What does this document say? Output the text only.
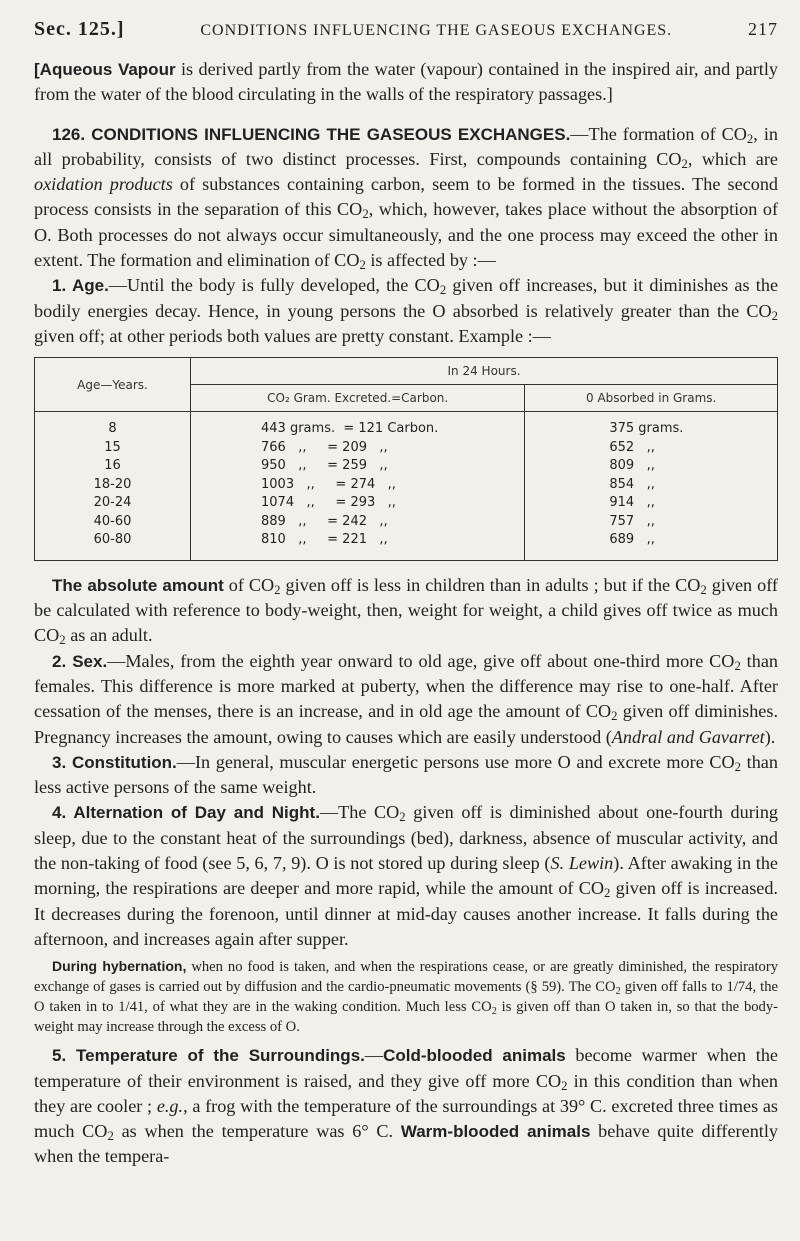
Sec. 125.]	CONDITIONS INFLUENCING THE GASEOUS EXCHANGES.	217

[Aqueous Vapour is derived partly from the water (vapour) contained in the inspired air, and partly from the water of the blood circulating in the walls of the respiratory passages.]

126. CONDITIONS INFLUENCING THE GASEOUS EXCHANGES.—The formation of $CO_2$, in all probability, consists of two distinct processes. First, compounds containing $CO_2$, which are oxidation products of substances containing carbon, seem to be formed in the tissues. The second process consists in the separation of this $CO_2$, which, however, takes place without the absorption of O. Both processes do not always occur simultaneously, and the one process may exceed the other in extent. The formation and elimination of $CO_2$ is affected by :—

1. Age.—Until the body is fully developed, the $CO_2$ given off increases, but it diminishes as the bodily energies decay. Hence, in young persons the O absorbed is relatively greater than the $CO_2$ given off; at other periods both values are pretty constant. Example :—

Age—Years.	In 24 Hours.	
	CO₂ Gram. Excreted.=Carbon.	0 Absorbed in Grams.
8	443 grams.  = 121 Carbon.	375 grams.
15	766   ,,     = 209   ,,	652   ,,
16	950   ,,     = 259   ,,	809   ,,
18-20	1003   ,,     = 274   ,,	854   ,,
20-24	1074   ,,     = 293   ,,	914   ,,
40-60	889   ,,     = 242   ,,	757   ,,
60-80	810   ,,     = 221   ,,	689   ,,

The absolute amount of $CO_2$ given off is less in children than in adults ; but if the $CO_2$ given off be calculated with reference to body-weight, then, weight for weight, a child gives off twice as much $CO_2$ as an adult.

2. Sex.—Males, from the eighth year onward to old age, give off about one-third more $CO_2$ than females. This difference is more marked at puberty, when the difference may rise to one-half. After cessation of the menses, there is an increase, and in old age the amount of $CO_2$ given off diminishes. Pregnancy increases the amount, owing to causes which are easily understood (Andral and Gavarret).

3. Constitution.—In general, muscular energetic persons use more O and excrete more $CO_2$ than less active persons of the same weight.

4. Alternation of Day and Night.—The $CO_2$ given off is diminished about one-fourth during sleep, due to the constant heat of the surroundings (bed), darkness, absence of muscular activity, and the non-taking of food (see 5, 6, 7, 9). O is not stored up during sleep (S. Lewin). After awaking in the morning, the respirations are deeper and more rapid, while the amount of $CO_2$ given off is increased. It decreases during the forenoon, until dinner at mid-day causes another increase. It falls during the afternoon, and increases again after supper.

During hybernation, when no food is taken, and when the respirations cease, or are greatly diminished, the respiratory exchange of gases is carried out by diffusion and the cardio-pneumatic movements (§ 59). The $CO_2$ given off falls to 1/74, the O taken in to 1/41, of what they are in the waking condition. Much less $CO_2$ is given off than O taken in, so that the body-weight may increase through the excess of O.

5. Temperature of the Surroundings.—Cold-blooded animals become warmer when the temperature of their environment is raised, and they give off more $CO_2$ in this condition than when they are cooler ; e.g., a frog with the temperature of the surroundings at 39° C. excreted three times as much $CO_2$ as when the temperature was 6° C. Warm-blooded animals behave quite differently when the tempera-
